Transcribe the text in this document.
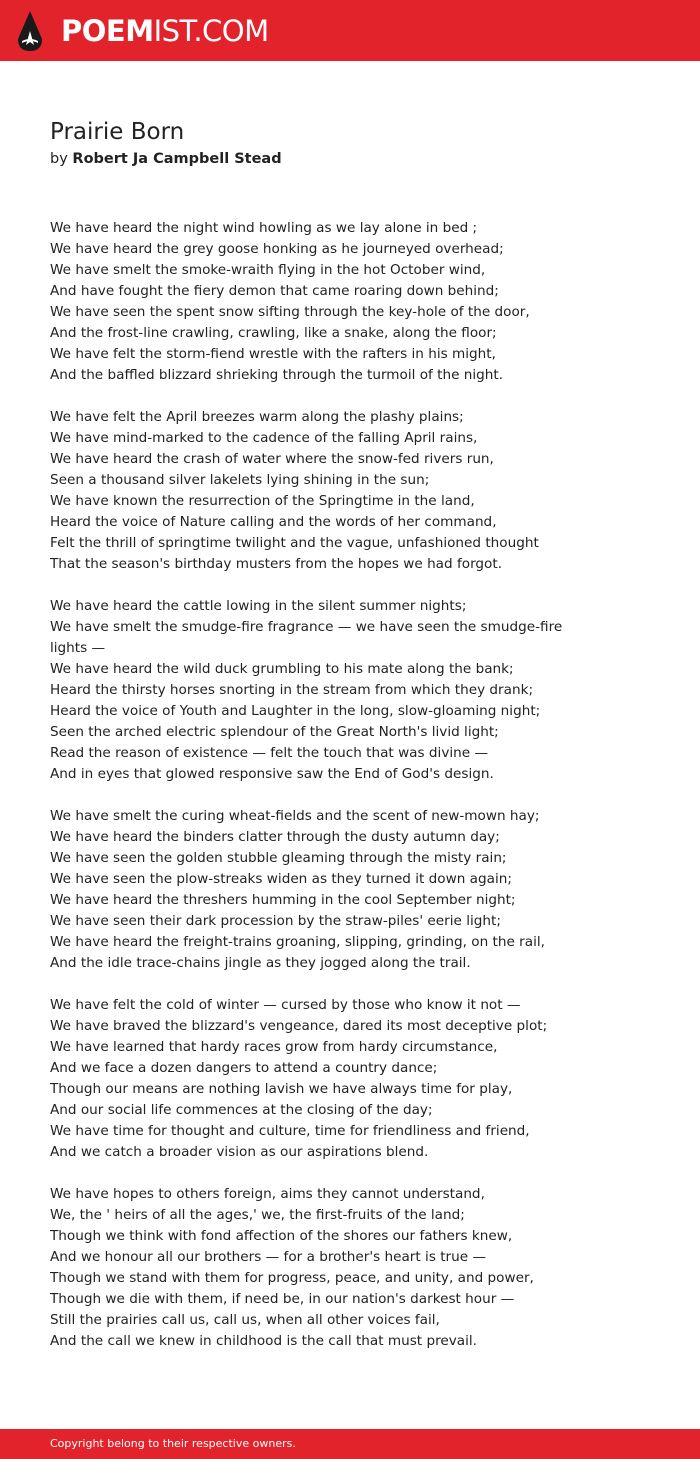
POEMIST.COM
Prairie Born
by Robert Ja Campbell Stead
We have heard the night wind howling as we lay alone in bed ;
We have heard the grey goose honking as he journeyed overhead;
We have smelt the smoke-wraith flying in the hot October wind,
And have fought the fiery demon that came roaring down behind;
We have seen the spent snow sifting through the key-hole of the door,
And the frost-line crawling, crawling, like a snake, along the floor;
We have felt the storm-fiend wrestle with the rafters in his might,
And the baffled blizzard shrieking through the turmoil of the night.
We have felt the April breezes warm along the plashy plains;
We have mind-marked to the cadence of the falling April rains,
We have heard the crash of water where the snow-fed rivers run,
Seen a thousand silver lakelets lying shining in the sun;
We have known the resurrection of the Springtime in the land,
Heard the voice of Nature calling and the words of her command,
Felt the thrill of springtime twilight and the vague, unfashioned thought
That the season's birthday musters from the hopes we had forgot.
We have heard the cattle lowing in the silent summer nights;
We have smelt the smudge-fire fragrance — we have seen the smudge-fire
lights —
We have heard the wild duck grumbling to his mate along the bank;
Heard the thirsty horses snorting in the stream from which they drank;
Heard the voice of Youth and Laughter in the long, slow-gloaming night;
Seen the arched electric splendour of the Great North's livid light;
Read the reason of existence — felt the touch that was divine —
And in eyes that glowed responsive saw the End of God's design.
We have smelt the curing wheat-fields and the scent of new-mown hay;
We have heard the binders clatter through the dusty autumn day;
We have seen the golden stubble gleaming through the misty rain;
We have seen the plow-streaks widen as they turned it down again;
We have heard the threshers humming in the cool September night;
We have seen their dark procession by the straw-piles' eerie light;
We have heard the freight-trains groaning, slipping, grinding, on the rail,
And the idle trace-chains jingle as they jogged along the trail.
We have felt the cold of winter — cursed by those who know it not —
We have braved the blizzard's vengeance, dared its most deceptive plot;
We have learned that hardy races grow from hardy circumstance,
And we face a dozen dangers to attend a country dance;
Though our means are nothing lavish we have always time for play,
And our social life commences at the closing of the day;
We have time for thought and culture, time for friendliness and friend,
And we catch a broader vision as our aspirations blend.
We have hopes to others foreign, aims they cannot understand,
We, the ' heirs of all the ages,' we, the first-fruits of the land;
Though we think with fond affection of the shores our fathers knew,
And we honour all our brothers — for a brother's heart is true —
Though we stand with them for progress, peace, and unity, and power,
Though we die with them, if need be, in our nation's darkest hour —
Still the prairies call us, call us, when all other voices fail,
And the call we knew in childhood is the call that must prevail.
Copyright belong to their respective owners.
